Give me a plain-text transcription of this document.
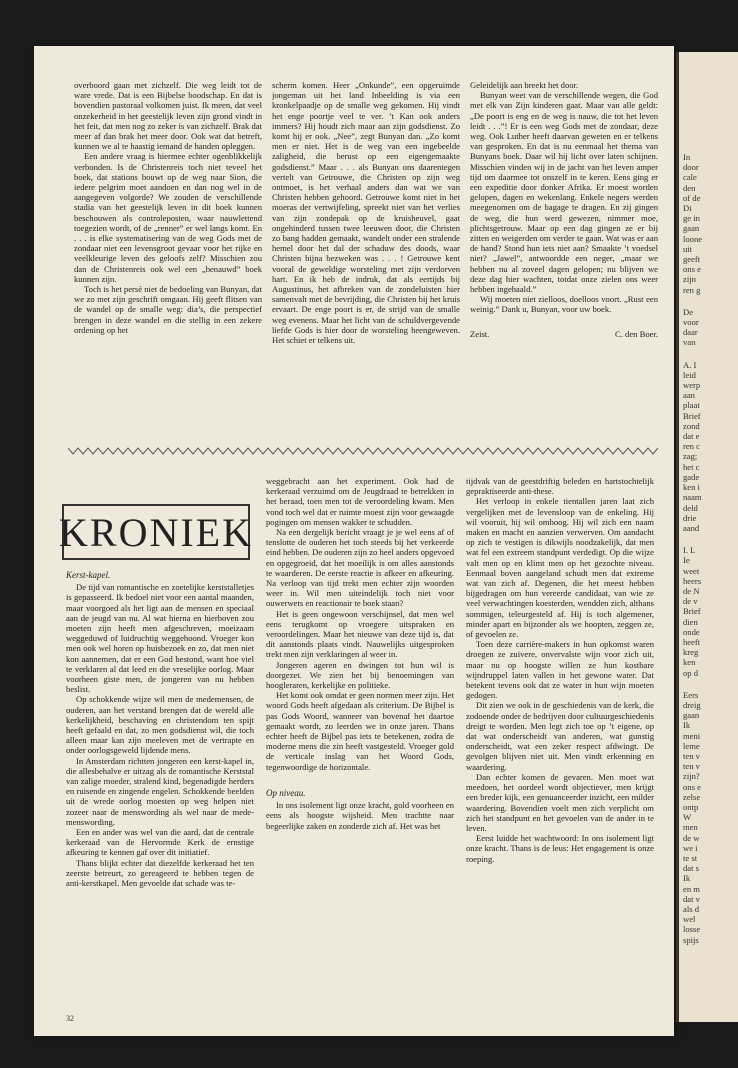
overboord gaan met zichzelf. Die weg leidt tot de ware vrede. Dat is een Bijbelse boodschap. En dat is bovendien pastoraal volkomen juist. Ik meen, dat veel onzekerheid in het geestelijk leven zijn grond vindt in het feit, dat men nog zo zeker is van zichzelf. Brak dat meer af dan brak het meer door. Ook wat dat betreft, kunnen we al te haastig iemand de handen opleggen.

Een andere vraag is hiermee echter ogenblikkelijk verbonden. Is de Christenreis toch niet teveel het boek, dat stations bouwt op de weg naar Sion, die iedere pelgrim moet aandoen en dan nog wel in de aangegeven volgorde? We zouden de verschillende stadia van het geestelijk leven in dit boek kunnen beschouwen als controleposten, waar nauwlettend toegezien wordt, of de „renner” er wel langs komt. En . . . is elke systematisering van de weg Gods met de zondaar niet een levensgroot gevaar voor het rijke en veelkleurige leven des geloofs zelf? Misschien zou dan de Christenreis ook wel een „benauwd” boek kunnen zijn.

Toch is het persé niet de bedoeling van Bunyan, dat we zo met zijn geschrift omgaan. Hij geeft flitsen van de wandel op de smalle weg: dia’s, die perspectief brengen in deze wandel en die stellig in een zekere ordening op het

scherm komen. Heer „Onkunde”, een opgeruimde jongeman uit het land Inbeelding is via een kronkelpaadje op de smalle weg gekomen. Hij vindt het enge poortje veel te ver. ’t Kan ook anders immers? Hij houdt zich maar aan zijn godsdienst. Zo komt hij er ook. „Nee”, zegt Bunyan dan. „Zo komt men er niet. Het is de weg van een ingebeelde zaligheid, die berust op een eigengemaakte godsdienst.” Maar . . . als Bunyan ons daarentegen vertelt van Getrouwe, die Christen op zijn weg ontmoet, is het verhaal anders dan wat we van Christen hebben gehoord. Getrouwe komt niet in het moeras der vertwijfeling, spreekt niet van het verlies van zijn zondepak op de kruisheuvel, gaat ongehinderd tussen twee leeuwen door, die Christen zo bang hadden gemaakt, wandelt onder een stralende hemel door het dal der schaduw des doods, waar Christen bijna bezweken was . . . ! Getrouwe kent vooral de geweldige worsteling met zijn verdorven hart. En ik heb de indruk, dat als eertijds bij Augustinus, het afbreken van de zondeluisten hier samenvalt met de bevrijding, die Christen bij het kruis ervaart. De enge poort is er, de strijd van de smalle weg evenens. Maar het licht van de schuldvergevende liefde Gods is hier door de worsteling heengeweven. Het schiet er telkens uit.

Geleidelijk aan breekt het door.

Bunyan weet van de verschillende wegen, die God met elk van Zijn kinderen gaat. Maar van alle geldt: „De poort is eng en de weg is nauw, die tot het leven leidt . . .”! Er is een weg Gods met de zondaar, deze weg. Ook Luther heeft daarvan geweten en er telkens van gesproken. En dat is nu eenmaal het thema van Bunyans boek. Daar wil hij licht over laten schijnen. Misschien vinden wij in de jacht van het leven amper tijd om daarmee tot onszelf in te keren. Eens ging er een expeditie door donker Afrika. Er moest worden gelopen, dagen en wekenlang. Enkele negers werden meegenomen om de bagage te dragen. En zij gingen de weg, die hun werd gewezen, nimmer moe, plichtsgetrouw. Maar op een dag gingen ze er bij zitten en weigerden om verder te gaan. Wat was er aan de hand? Stond hun iets niet aan? Smaakte ’t voedsel niet? „Jawel”, antwoordde een neger, „maar we hebben nu al zoveel dagen gelopen; nu blijven we deze dag hier wachten, totdat onze zielen ons weer hebben ingehaald.”

Wij moeten niet zielloos, doelloos voort. „Rust een weinig.” Dank u, Bunyan, voor uw boek.

Zeist.	C. den Boer.
KRONIEK
Kerst-kapel.

De tijd van romantische en zoetelijke kerststalletjes is gepasseerd. Ik bedoel niet voor een aantal maanden, maar voorgoed als het ligt aan de mensen en speciaal aan de jeugd van nu. Al wat hierna en hierboven zou moeten zijn heeft men afgeschreven, moeizaam weggeduwd of luidruchtig weggehoond. Vroeger kon men ook wel horen op huisbezoek en zo, dat men niet kon aannemen, dat er een God bestond, want hoe viel te verklaren al dat leed en die vreselijke oorlog. Maar voorheen giste men, de jongeren van nu hebben beslist.

Op schokkende wijze wil men de medemensen, de ouderen, aan het verstand brengen dat de wereld alle kerkelijkheid, beschaving en christendom ten spijt heeft gefaald en dat, zo men godsdienst wil, die toch alleen maar kan zijn meeleven met de vertrapte en onder oorlogsgeweld lijdende mens.

In Amsterdam richtten jongeren een kerst-kapel in, die allesbehalve er uitzag als de romantische Kerststal van zalige moeder, stralend kind, begenadigde herders en ruisende en zingende engelen. Schokkende beelden uit de wrede oorlog moesten op weg helpen niet zozeer naar de menswording als wel naar de mede-menswording.

Een en ander was wel van die aard, dat de centrale kerkeraad van de Hervormde Kerk de ernstige afkeuring te kennen gaf over dit initiatief.

Thans blijkt echter dat diezelfde kerkeraad het ten zeerste betreurt, zo gereageerd te hebben tegen de anti-kerstkapel. Men gevoelde dat schade was te-

weggebracht aan het experiment. Ook had de kerkeraad verzuimd om de Jeugdraad te betrekken in het beraad, toen men tot de veroordeling kwam. Men vond toch wel dat er ruimte moest zijn voor gewaagde pogingen om mensen wakker te schudden.

Na een dergelijk bericht vraagt je je wel eens af of tenslotte de ouderen het toch steeds bij het verkeerde eind hebben. De ouderen zijn zo heel anders opgevoed en opgegroeid, dat het moeilijk is om alles aanstonds te waarderen. De eerste reactie is afkeer en afkeuring. Na verloop van tijd trekt men echter zijn woorden weer in. Wil men uiteindelijk toch niet voor ouwerwets en reactionair te boek staan?

Het is geen ongewoon verschijnsel, dat men wel eens terugkomt op vroegere uitspraken en veroordelingen. Maar het nieuwe van deze tijd is, dat dit aanstonds plaats vindt. Nauwelijks uitgesproken trekt men zijn verklaringen al weer in.

Jongeren ageren en dwingen tot hun wil is doorgezet. We zien het bij benoemingen van hoogleraren, kerkelijke en politieke.

Het komt ook omdat er geen normen meer zijn. Het woord Gods heeft afgedaan als criterium. De Bijbel is pas Gods Woord, wanneer van bovenaf het daartoe gemaakt wordt, zo leerden we in onze jaren. Thans echter heeft de Bijbel pas iets te betekenen, zodra de moderne mens die zin heeft vastgesteld. Vroeger gold de verticale inslag van het Woord Gods, tegenwoordige de horizontale.

Op niveau.

In ons isolement ligt onze kracht, gold voorheen en eens als hoogste wijsheid. Men trachtte naar begeerlijke zaken en zonderde zich af. Het was het

tijdvak van de geestdriftig beleden en hartstochtelijk gepraktiseerde anti-these.

Het verloop in enkele tientallen jaren laat zich vergelijken met de levensloop van de enkeling. Hij wil vooruit, hij wil omhoog. Hij wil zich een naam maken en macht en aanzien verwerven. Om aandacht op zich te vestigen is dikwijls noodzakelijk, dat men wat fel een extreem standpunt verdedigt. Op die wijze valt men op en klimt men op het gezochte niveau. Eenmaal boven aangeland schudt men dat extreme wat van zich af. Degenen, die het meest hebben bijgedragen om hun vereerde candidaat, van wie ze veel verwachtingen koesterden, wendden zich, althans sommigen, teleurgesteld af. Hij is toch algemener, minder apart en bijzonder als we hoopten, zeggen ze, of gevoelen ze.

Toen deze carrière-makers in hun opkomst waren droegen ze zuivere, onvervalste wijn voor zich uit, maar nu op hoogste willen ze hun kostbare wijndruppel laten vallen in het gewone water. Dat betekent tevens ook dat ze water in hun wijn moeten gedogen.

Dit zien we ook in de geschiedenis van de kerk, die zodoende onder de bedrijven door cultuurgeschiedenis dreigt te worden. Men legt zich toe op ’t eigene, op dat wat onderscheidt van anderen, wat gunstig onderscheidt, wat een zeker respect afdwingt. De gevolgen blijven niet uit. Men vindt erkenning en waardering.

Dan echter komen de gevaren. Men moet wat meedoen, het oordeel wordt objectiever, men krijgt een breder kijk, een genuanceerder inzicht, een milder waardering. Bovendien voelt men zich verplicht om zich het standpunt en het gevoelen van de ander in te leven.

Eerst luidde het wachtwoord: In ons isolement ligt onze kracht. Thans is de leus: Het engagement is onze roeping.

32
In
door
cale
den
of de
Di
ge in
gaan
loone
uit
geeft
ons e
zijn
ren g
De
voor
daar
van
A. I
leid
werp
aan
plaat
Brief
zond
dat e
ren c
zag;
het c
gade
ken i
naam
deld
drie
aand
I. L
Ie
weet
heers
de N
de v
Brief
dien
onde
heeft
kreg
ken
op d
Eers
dreig
gaan
Ik
meni
leme
ten v
ten v
zijn?
ons e
zelse
ontp
W
men
de w
we i
te st
dat s
Ik
en m
dat v
als d
wel
losse
spijs
